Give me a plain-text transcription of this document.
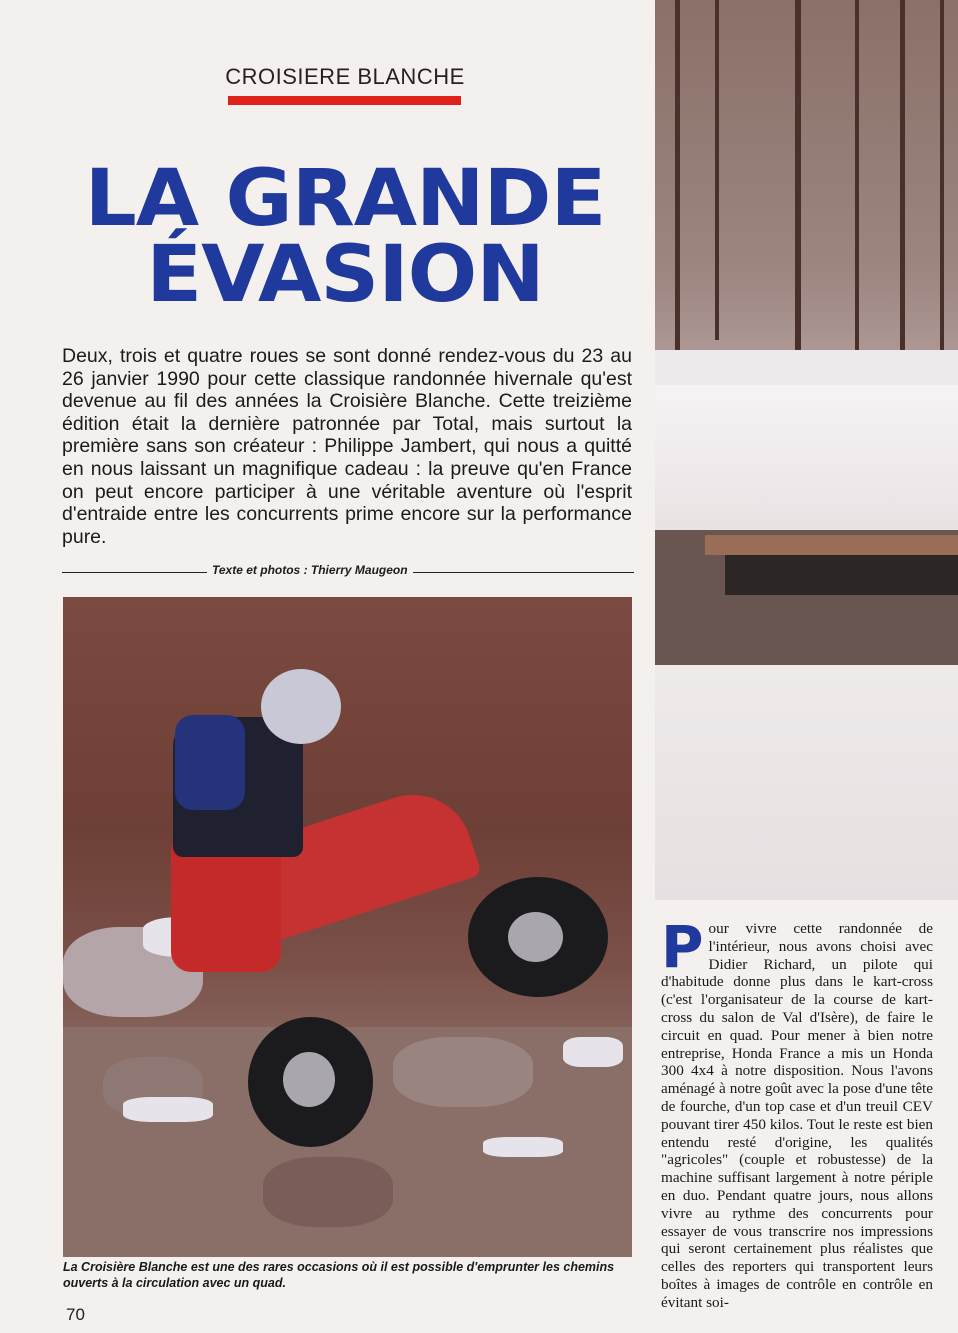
CROISIERE BLANCHE
LA GRANDE
ÉVASION

Deux, trois et quatre roues se sont donné rendez-vous du 23 au 26 janvier 1990 pour cette classique randonnée hivernale qu'est devenue au fil des années la Croisière Blanche. Cette treizième édition était la dernière patronnée par Total, mais surtout la première sans son créateur : Philippe Jambert, qui nous a quitté en nous laissant un magnifique cadeau : la preuve qu'en France on peut encore participer à une véritable aventure où l'esprit d'entraide entre les concurrents prime encore sur la performance pure.

Texte et photos : Thierry Maugeon
La Croisière Blanche est une des rares occasions où il est possible d'emprunter les chemins ouverts à la circulation avec un quad.
P our vivre cette randonnée de l'intérieur, nous avons choisi avec Didier Richard, un pilote qui d'habitude donne plus dans le kart-cross (c'est l'organisateur de la course de kart-cross du salon de Val d'Isère), de faire le circuit en quad. Pour mener à bien notre entreprise, Honda France a mis un Honda 300 4x4 à notre disposition. Nous l'avons aménagé à notre goût avec la pose d'une tête de fourche, d'un top case et d'un treuil CEV pouvant tirer 450 kilos. Tout le reste est bien entendu resté d'origine, les qualités "agricoles" (couple et robustesse) de la machine suffisant largement à notre périple en duo. Pendant quatre jours, nous allons vivre au rythme des concurrents pour essayer de vous transcrire nos impressions qui seront certainement plus réalistes que celles des reporters qui transportent leurs boîtes à images de contrôle en contrôle en évitant soi-
70
